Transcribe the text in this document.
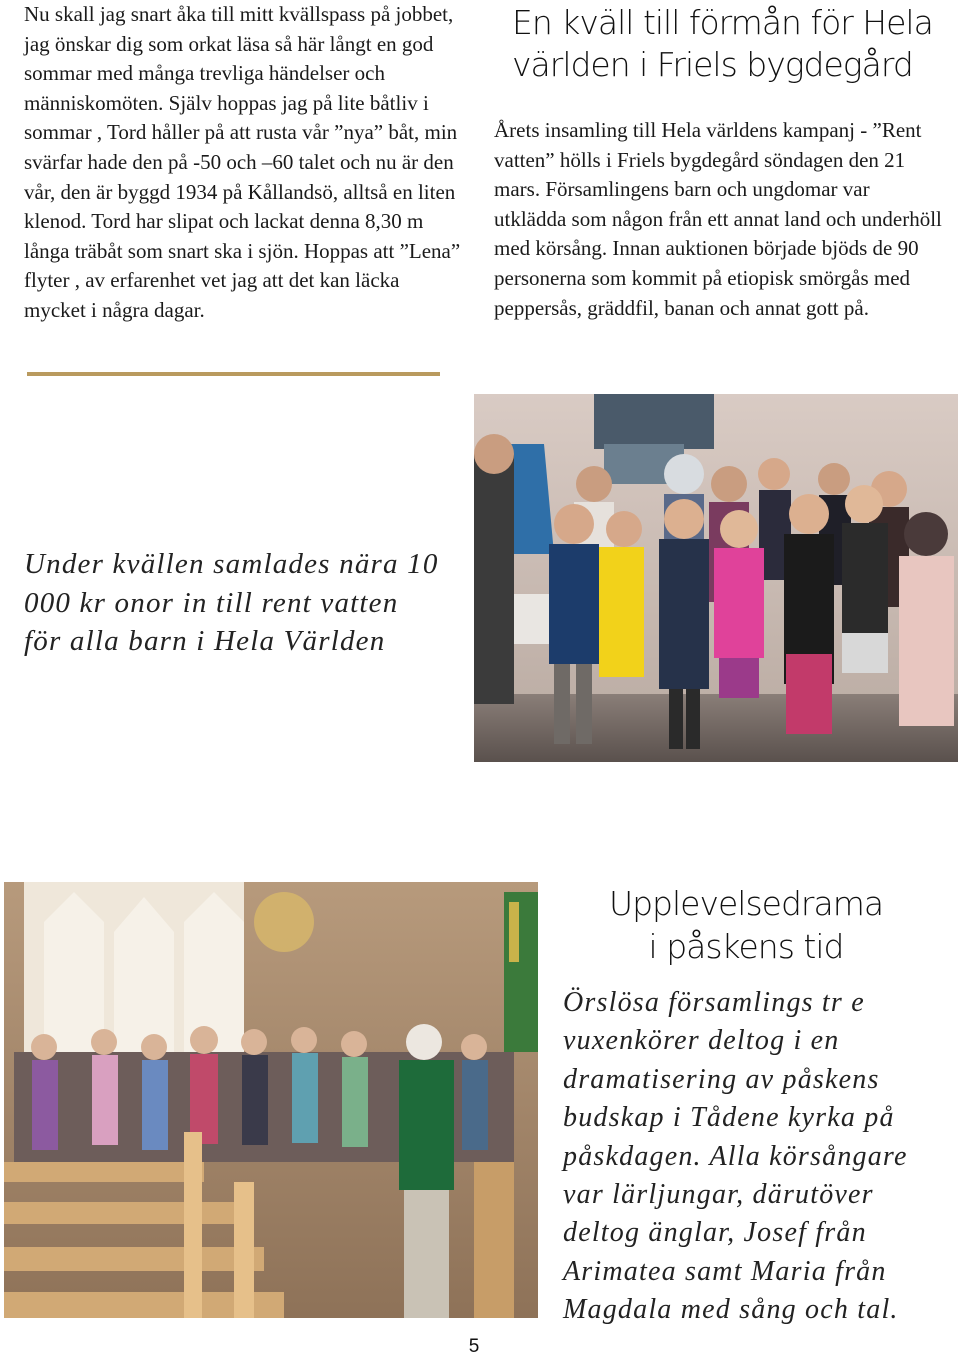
Nu skall jag snart åka till mitt kvällspass på jobbet, jag önskar dig som orkat läsa så här långt en god sommar med många trevliga händelser och människomöten. Själv hoppas jag på lite båtliv i sommar , Tord håller på att rusta vår ”nya” båt, min svärfar hade den på -50 och –60 talet och nu är den vår, den är byggd 1934 på Kållandsö, alltså en liten klenod. Tord har slipat och lackat denna 8,30 m långa träbåt som snart ska i sjön. Hoppas att ”Lena” flyter , av erfarenhet vet jag att det kan läcka mycket i några dagar.

En kväll till förmån för Hela
världen i Friels bygdegård

Årets insamling till Hela världens kampanj - ”Rent vatten” hölls i Friels bygdegård söndagen den 21 mars. Församlingens barn och ungdomar var utklädda som någon från ett annat land och underhöll med körsång. Innan auktionen började bjöds de 90 personerna som kommit på etiopisk smörgås med peppersås, gräddfil, banan och annat gott på.

Under kvällen samlades nära 10 000 kr onor in till rent vatten för alla barn i Hela Världen
Upplevelsedrama
i påskens tid
Örslösa församlings tr e vuxenkörer deltog i en dramatisering av påskens budskap i Tådene kyrka på påskdagen. Alla körsångare var lärljungar, därutöver deltog änglar, Josef från Arimatea samt Maria från Magdala med sång och tal.
5
